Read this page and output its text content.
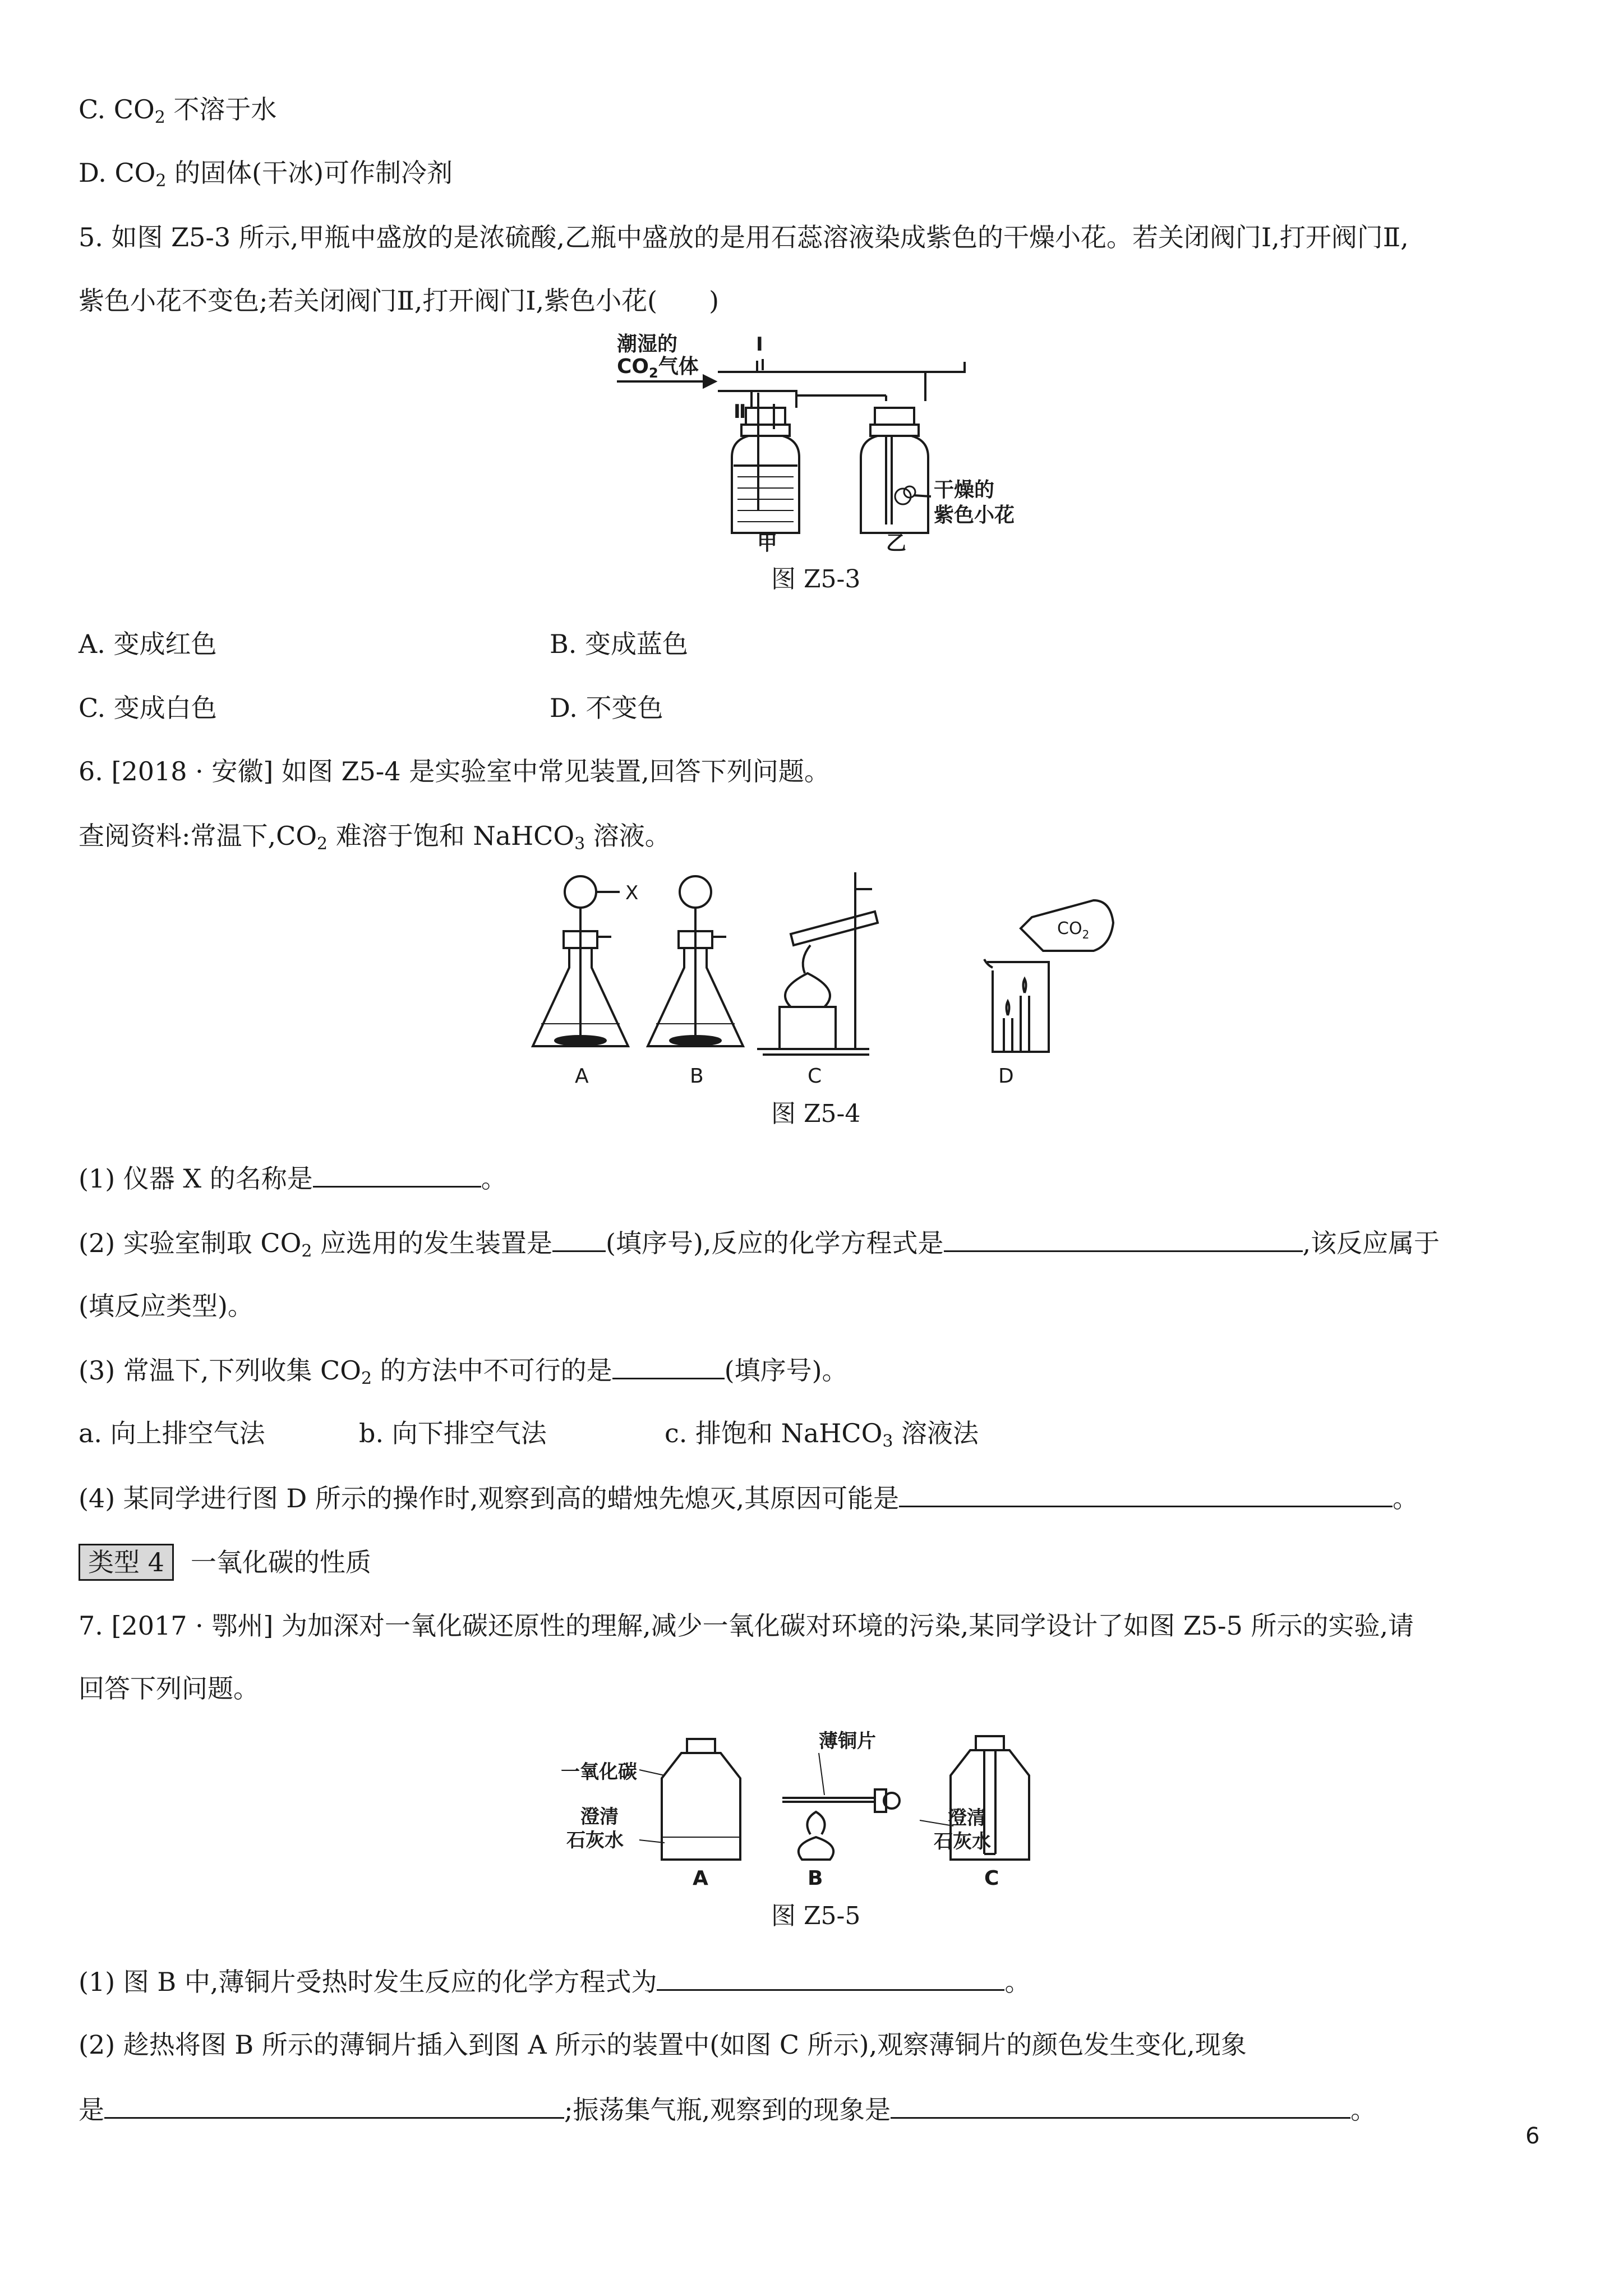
C. $CO_2$ 不溶于水
D. $CO_2$ 的固体(干冰)可作制冷剂
5. 如图 Z5-3 所示,甲瓶中盛放的是浓硫酸,乙瓶中盛放的是用石蕊溶液染成紫色的干燥小花。若关闭阀门Ⅰ,打开阀门Ⅱ,
紫色小花不变色;若关闭阀门Ⅱ,打开阀门Ⅰ,紫色小花(　　)
潮湿的
$CO_2$气体
Ⅰ
Ⅱ
甲	乙
干燥的
紫色小花
图 Z5-3
A. 变成红色	B. 变成蓝色
C. 变成白色	D. 不变色
6. [2018 · 安徽] 如图 Z5-4 是实验室中常见装置,回答下列问题。
查阅资料:常温下$,CO_2$ 难溶于饱和 NaHCO$_3$ 溶液。
X
$CO_2$
A	B	C	D
图 Z5-4
(1) 仪器 X 的名称是	。
(2) 实验室制取 $CO_2$ 应选用的发生装置是 (填序号),反应的化学方程式是	,该反应属于
(填反应类型)。
(3) 常温下,下列收集 $CO_2$ 的方法中不可行的是	(填序号)。
a. 向上排空气法	b. 向下排空气法	c. 排饱和 NaHCO$_3$ 溶液法
(4) 某同学进行图 D 所示的操作时,观察到高的蜡烛先熄灭,其原因可能是	。
类型 4 一氧化碳的性质
7. [2017 · 鄂州] 为加深对一氧化碳还原性的理解,减少一氧化碳对环境的污染,某同学设计了如图 Z5-5 所示的实验,请
回答下列问题。
一氧化碳
澄清
石灰水
薄铜片
A	B	C
澄清
石灰水
图 Z5-5
(1) 图 B 中,薄铜片受热时发生反应的化学方程式为	。
(2) 趁热将图 B 所示的薄铜片插入到图 A 所示的装置中(如图 C 所示),观察薄铜片的颜色发生变化,现象
是	;振荡集气瓶,观察到的现象是	。
6
